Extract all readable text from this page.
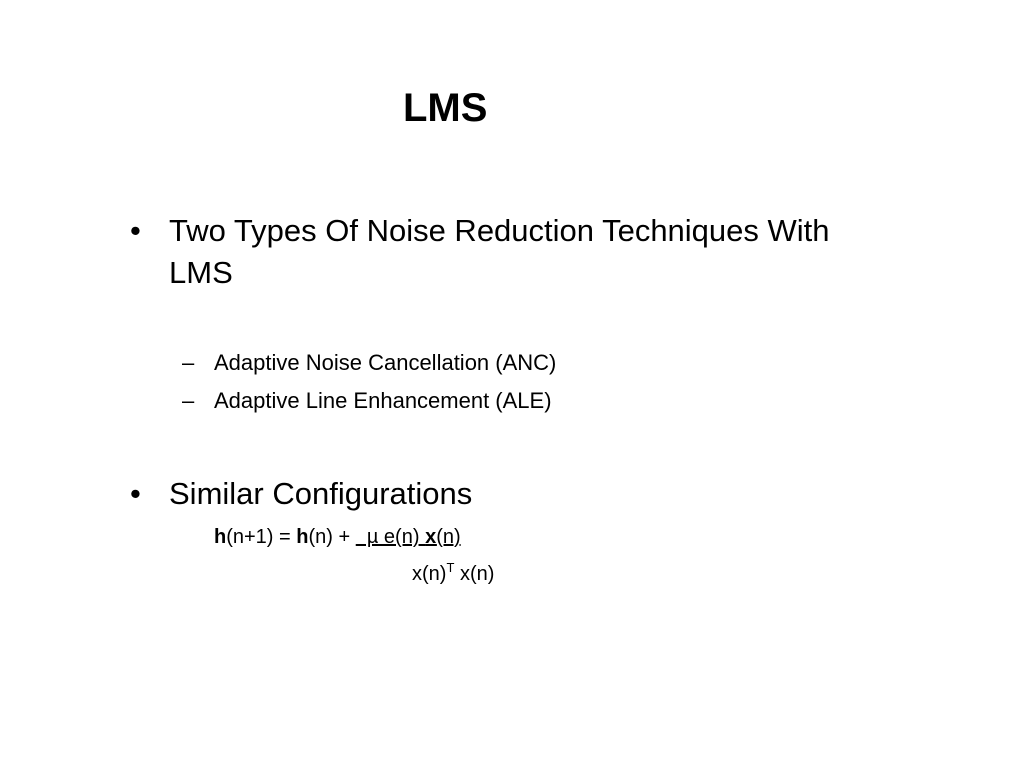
LMS
• Two Types Of Noise Reduction Techniques With
LMS
– Adaptive Noise Cancellation (ANC)
– Adaptive Line Enhancement (ALE)
• Similar Configurations
h(n+1) = h(n) +   µ e(n) x(n)
$x(n)^T$ x(n)
